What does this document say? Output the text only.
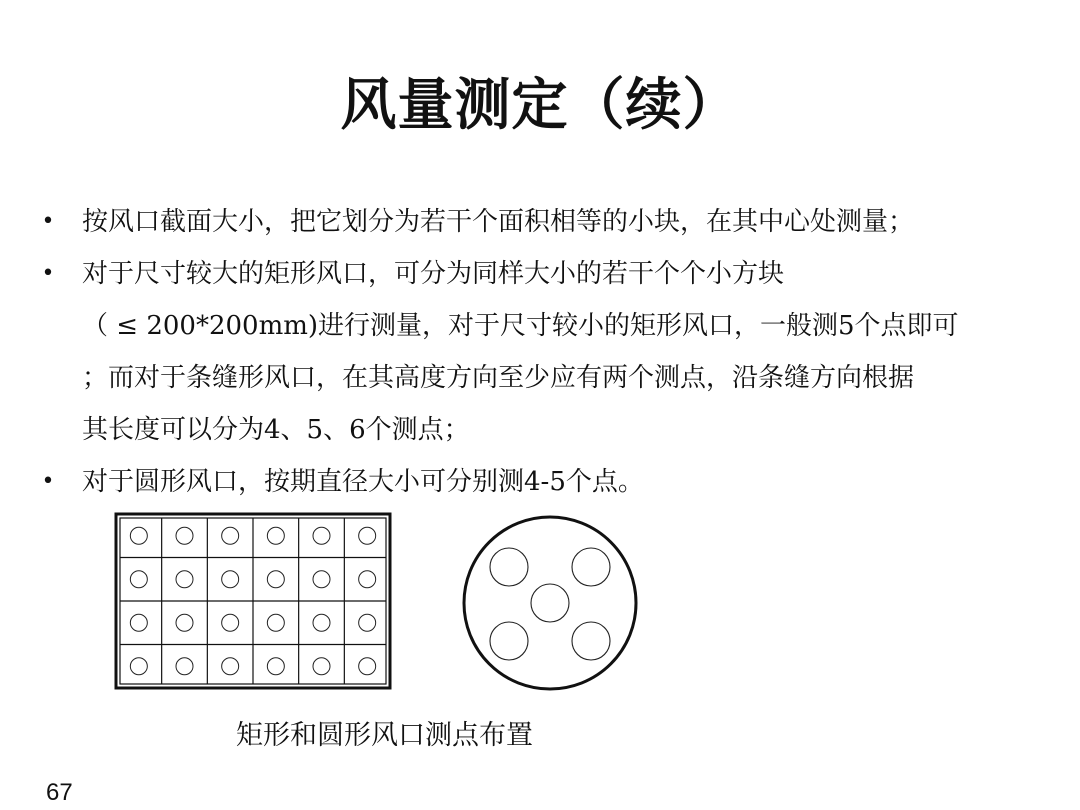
风量测定（续）
• 按风口截面大小，把它划分为若干个面积相等的小块，在其中心处测量；
• 对于尺寸较大的矩形风口，可分为同样大小的若干个个小方块
（ ≤ 200*200mm)进行测量，对于尺寸较小的矩形风口，一般测5个点即可
；而对于条缝形风口，在其高度方向至少应有两个测点，沿条缝方向根据
其长度可以分为4、5、6个测点；
• 对于圆形风口，按期直径大小可分别测4-5个点。
矩形和圆形风口测点布置
67
